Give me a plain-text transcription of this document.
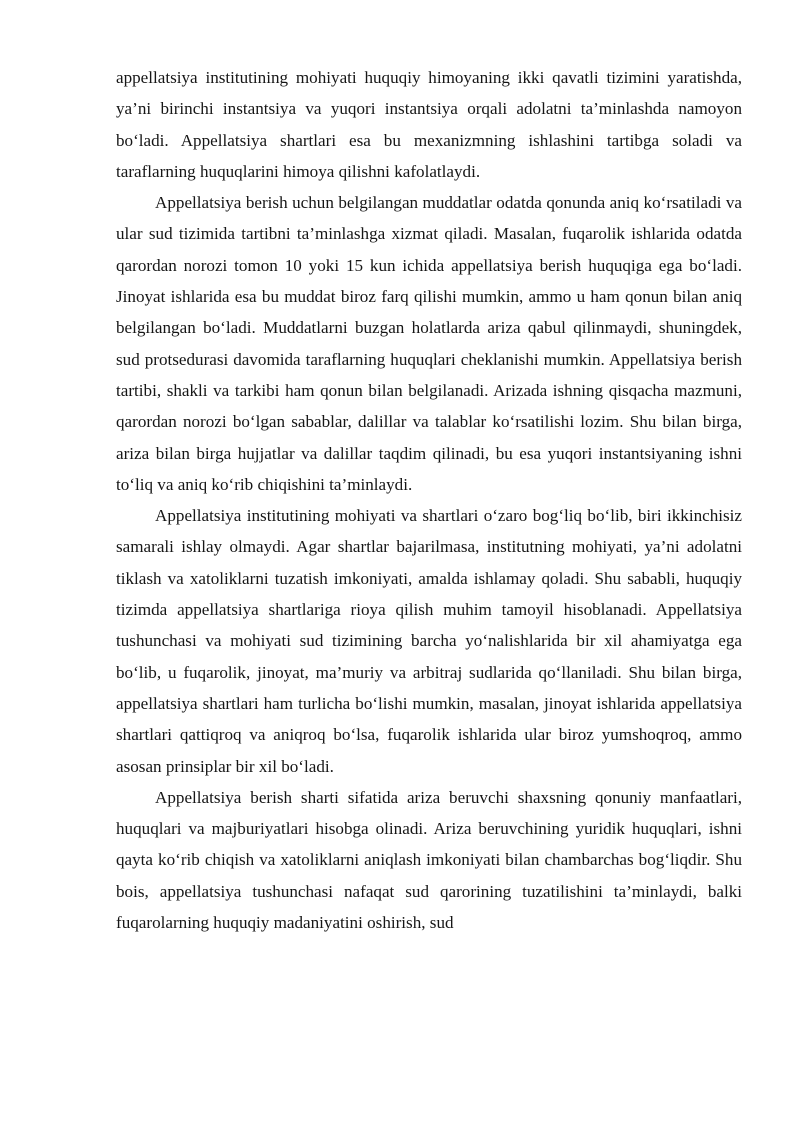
appellatsiya institutining mohiyati huquqiy himoyaning ikki qavatli tizimini yaratishda, ya’ni birinchi instantsiya va yuqori instantsiya orqali adolatni ta’minlashda namoyon bo‘ladi. Appellatsiya shartlari esa bu mexanizmning ishlashini tartibga soladi va taraflarning huquqlarini himoya qilishni kafolatlaydi.

Appellatsiya berish uchun belgilangan muddatlar odatda qonunda aniq ko‘rsatiladi va ular sud tizimida tartibni ta’minlashga xizmat qiladi. Masalan, fuqarolik ishlarida odatda qarordan norozi tomon 10 yoki 15 kun ichida appellatsiya berish huquqiga ega bo‘ladi. Jinoyat ishlarida esa bu muddat biroz farq qilishi mumkin, ammo u ham qonun bilan aniq belgilangan bo‘ladi. Muddatlarni buzgan holatlarda ariza qabul qilinmaydi, shuningdek, sud protsedurasi davomida taraflarning huquqlari cheklanishi mumkin. Appellatsiya berish tartibi, shakli va tarkibi ham qonun bilan belgilanadi. Arizada ishning qisqacha mazmuni, qarordan norozi bo‘lgan sabablar, dalillar va talablar ko‘rsatilishi lozim. Shu bilan birga, ariza bilan birga hujjatlar va dalillar taqdim qilinadi, bu esa yuqori instantsiyaning ishni to‘liq va aniq ko‘rib chiqishini ta’minlaydi.

Appellatsiya institutining mohiyati va shartlari o‘zaro bog‘liq bo‘lib, biri ikkinchisiz samarali ishlay olmaydi. Agar shartlar bajarilmasa, institutning mohiyati, ya’ni adolatni tiklash va xatoliklarni tuzatish imkoniyati, amalda ishlamay qoladi. Shu sababli, huquqiy tizimda appellatsiya shartlariga rioya qilish muhim tamoyil hisoblanadi. Appellatsiya tushunchasi va mohiyati sud tizimining barcha yo‘nalishlarida bir xil ahamiyatga ega bo‘lib, u fuqarolik, jinoyat, ma’muriy va arbitraj sudlarida qo‘llaniladi. Shu bilan birga, appellatsiya shartlari ham turlicha bo‘lishi mumkin, masalan, jinoyat ishlarida appellatsiya shartlari qattiqroq va aniqroq bo‘lsa, fuqarolik ishlarida ular biroz yumshoqroq, ammo asosan prinsiplar bir xil bo‘ladi.

Appellatsiya berish sharti sifatida ariza beruvchi shaxsning qonuniy manfaatlari, huquqlari va majburiyatlari hisobga olinadi. Ariza beruvchining yuridik huquqlari, ishni qayta ko‘rib chiqish va xatoliklarni aniqlash imkoniyati bilan chambarchas bog‘liqdir. Shu bois, appellatsiya tushunchasi nafaqat sud qarorining tuzatilishini ta’minlaydi, balki fuqarolarning huquqiy madaniyatini oshirish, sud
